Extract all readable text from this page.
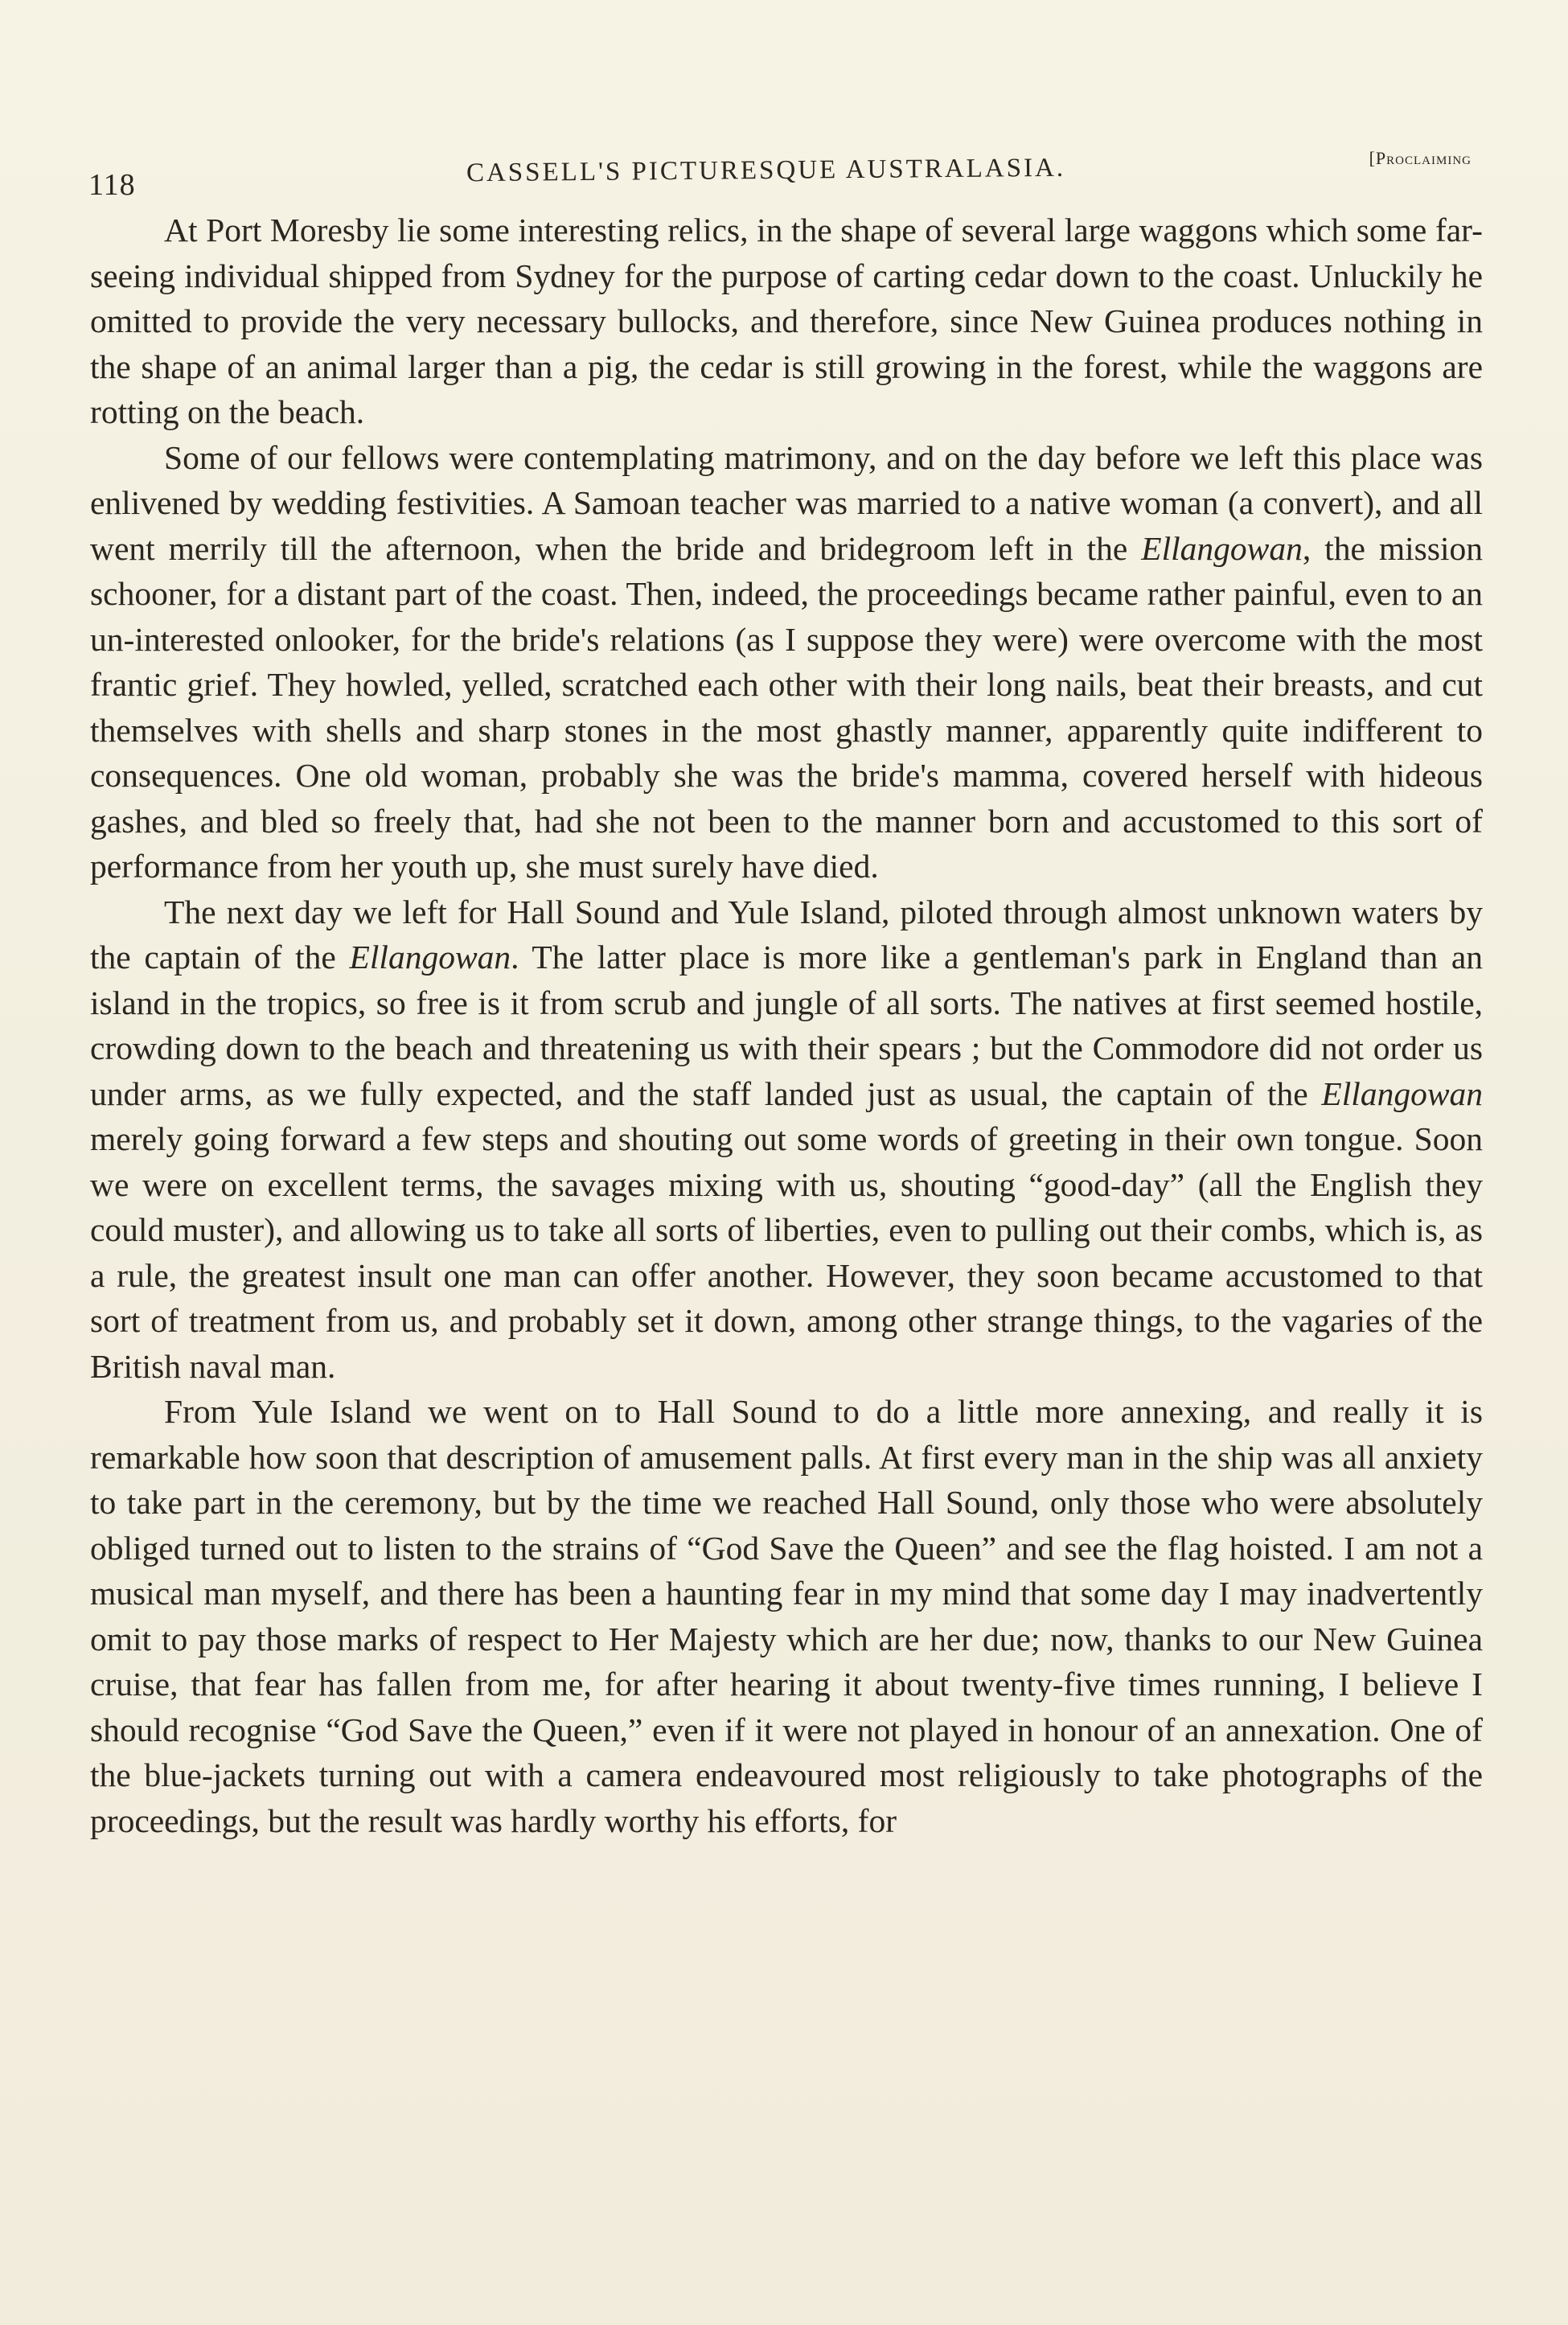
118	CASSELL'S PICTURESQUE AUSTRALASIA.	[Proclaiming

At Port Moresby lie some interesting relics, in the shape of several large waggons which some far-seeing individual shipped from Sydney for the purpose of carting cedar down to the coast. Unluckily he omitted to provide the very necessary bullocks, and therefore, since New Guinea produces nothing in the shape of an animal larger than a pig, the cedar is still growing in the forest, while the waggons are rotting on the beach.

Some of our fellows were contemplating matrimony, and on the day before we left this place was enlivened by wedding festivities. A Samoan teacher was married to a native woman (a convert), and all went merrily till the afternoon, when the bride and bridegroom left in the Ellangowan, the mission schooner, for a distant part of the coast. Then, indeed, the proceedings became rather painful, even to an un-interested onlooker, for the bride's relations (as I suppose they were) were overcome with the most frantic grief. They howled, yelled, scratched each other with their long nails, beat their breasts, and cut themselves with shells and sharp stones in the most ghastly manner, apparently quite indifferent to consequences. One old woman, probably she was the bride's mamma, covered herself with hideous gashes, and bled so freely that, had she not been to the manner born and accustomed to this sort of performance from her youth up, she must surely have died.

The next day we left for Hall Sound and Yule Island, piloted through almost unknown waters by the captain of the Ellangowan. The latter place is more like a gentleman's park in England than an island in the tropics, so free is it from scrub and jungle of all sorts. The natives at first seemed hostile, crowding down to the beach and threatening us with their spears ; but the Commodore did not order us under arms, as we fully expected, and the staff landed just as usual, the captain of the Ellangowan merely going forward a few steps and shouting out some words of greeting in their own tongue. Soon we were on excellent terms, the savages mixing with us, shouting “good-day” (all the English they could muster), and allowing us to take all sorts of liberties, even to pulling out their combs, which is, as a rule, the greatest insult one man can offer another. However, they soon became accustomed to that sort of treatment from us, and probably set it down, among other strange things, to the vagaries of the British naval man.

From Yule Island we went on to Hall Sound to do a little more annexing, and really it is remarkable how soon that description of amusement palls. At first every man in the ship was all anxiety to take part in the ceremony, but by the time we reached Hall Sound, only those who were absolutely obliged turned out to listen to the strains of “God Save the Queen” and see the flag hoisted. I am not a musical man myself, and there has been a haunting fear in my mind that some day I may inadvertently omit to pay those marks of respect to Her Majesty which are her due; now, thanks to our New Guinea cruise, that fear has fallen from me, for after hearing it about twenty-five times running, I believe I should recognise “God Save the Queen,” even if it were not played in honour of an annexation. One of the blue-jackets turning out with a camera endeavoured most religiously to take photographs of the proceedings, but the result was hardly worthy his efforts, for
